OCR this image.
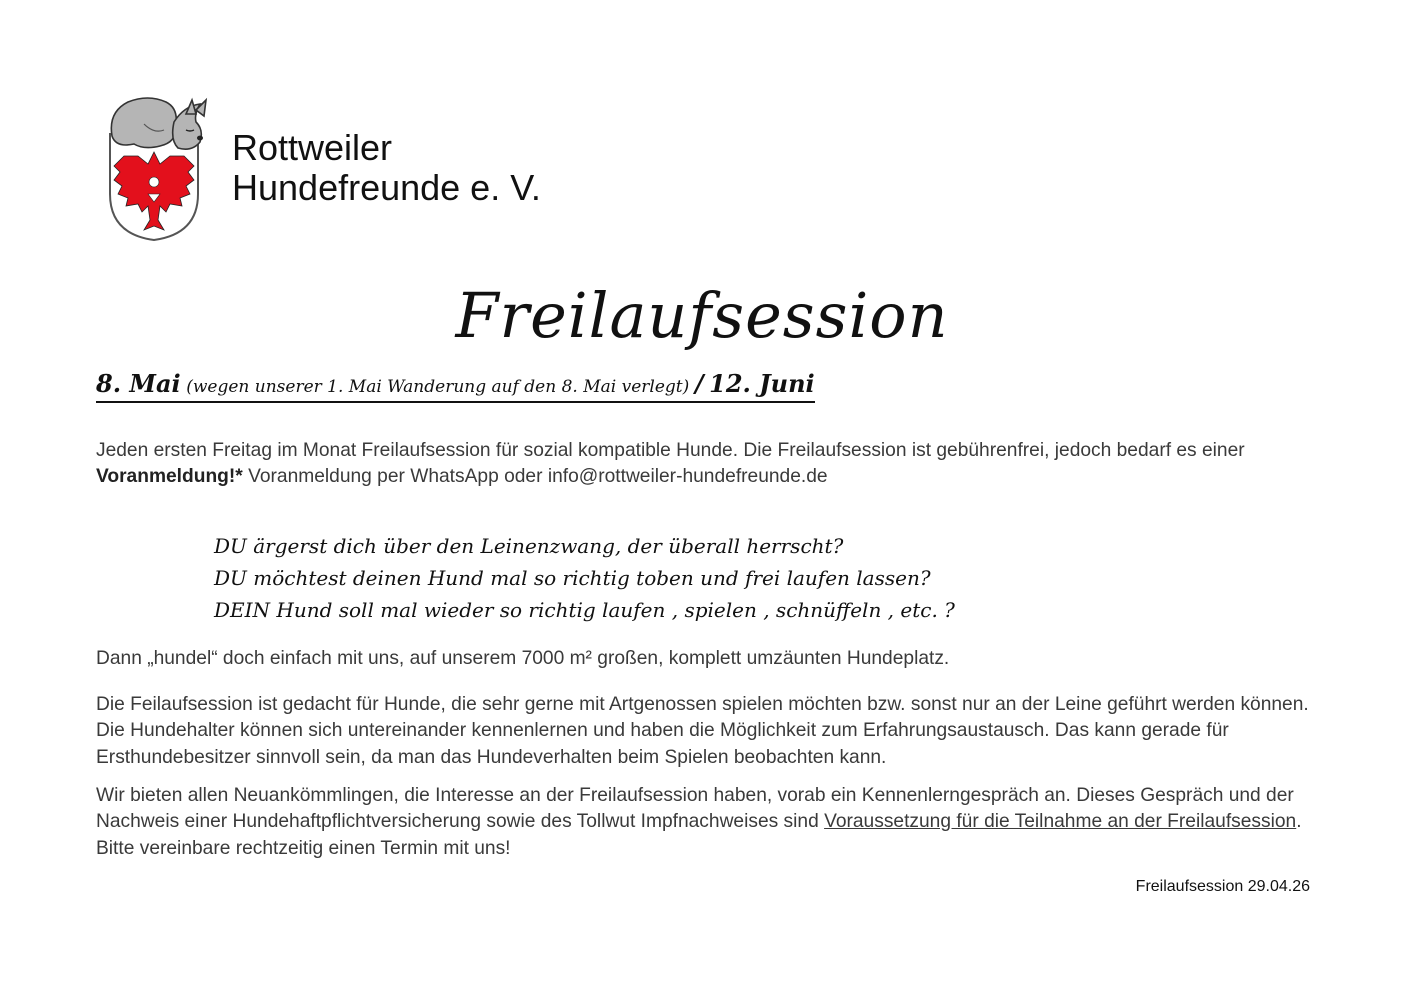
Rottweiler
Hundefreunde e. V.
Freilaufsession
8. Mai (wegen unserer 1. Mai Wanderung auf den 8. Mai verlegt) / 12. Juni
Jeden ersten Freitag im Monat Freilaufsession für sozial kompatible Hunde. Die Freilaufsession ist gebührenfrei, jedoch bedarf es einer Voranmeldung!* Voranmeldung per WhatsApp oder info@rottweiler-hundefreunde.de
DU ärgerst dich über den Leinenzwang, der überall herrscht?
DU möchtest deinen Hund mal so richtig toben und frei laufen lassen?
DEIN Hund soll mal wieder so richtig laufen , spielen , schnüffeln , etc. ?
Dann „hundel“ doch einfach mit uns, auf unserem 7000 m² großen, komplett umzäunten Hundeplatz.
Die Feilaufsession ist gedacht für Hunde, die sehr gerne mit Artgenossen spielen möchten bzw. sonst nur an der Leine geführt werden können. Die Hundehalter können sich untereinander kennenlernen und haben die Möglichkeit zum Erfahrungsaustausch. Das kann gerade für Ersthundebesitzer sinnvoll sein, da man das Hundeverhalten beim Spielen beobachten kann.
Wir bieten allen Neuankömmlingen, die Interesse an der Freilaufsession haben, vorab ein Kennenlerngespräch an. Dieses Gespräch und der Nachweis einer Hundehaftpflichtversicherung sowie des Tollwut Impfnachweises sind Voraussetzung für die Teilnahme an der Freilaufsession. Bitte vereinbare rechtzeitig einen Termin mit uns!
Freilaufsession 29.04.26
